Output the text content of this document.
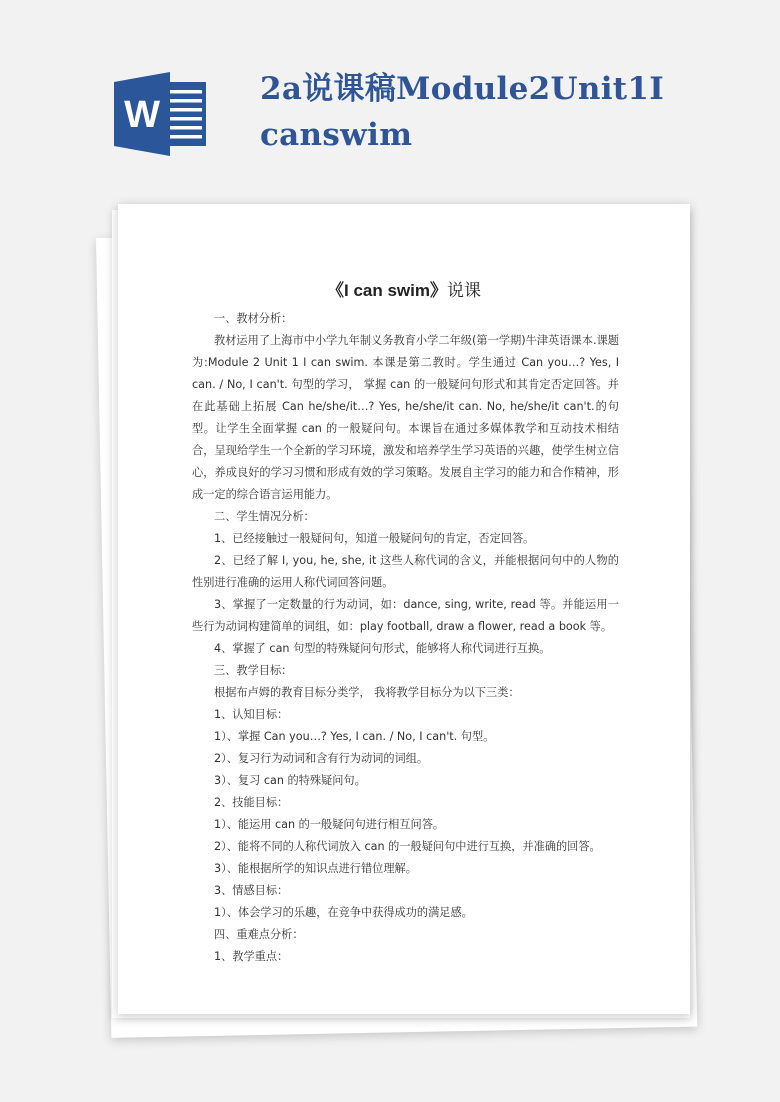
W
2a说课稿Module2Unit1Icanswim
《I can swim》说课

一、教材分析：

教材运用了上海市中小学九年制义务教育小学二年级(第一学期)牛津英语课本.课题为:Module 2 Unit 1 I can swim. 本课是第二教时。学生通过 Can you…? Yes, I can. / No, I can't. 句型的学习， 掌握 can 的一般疑问句形式和其肯定否定回答。并在此基础上拓展 Can he/she/it…? Yes, he/she/it can. No, he/she/it can't.的句型。让学生全面掌握 can 的一般疑问句。本课旨在通过多媒体教学和互动技术相结合，呈现给学生一个全新的学习环境，激发和培养学生学习英语的兴趣，使学生树立信心，养成良好的学习习惯和形成有效的学习策略。发展自主学习的能力和合作精神，形成一定的综合语言运用能力。

二、学生情况分析：

1、已经接触过一般疑问句，知道一般疑问句的肯定，否定回答。

2、已经了解 I, you, he, she, it 这些人称代词的含义，并能根据问句中的人物的性别进行准确的运用人称代词回答问题。

3、掌握了一定数量的行为动词，如：dance, sing, write, read 等。并能运用一些行为动词构建简单的词组，如：play football, draw a flower, read a book 等。

4、掌握了 can 句型的特殊疑问句形式，能够将人称代词进行互换。

三、教学目标：

根据布卢姆的教育目标分类学， 我将教学目标分为以下三类：

1、认知目标：

1）、掌握 Can you…? Yes, I can. / No, I can't. 句型。

2）、复习行为动词和含有行为动词的词组。

3）、复习 can 的特殊疑问句。

2、技能目标：

1）、能运用 can 的一般疑问句进行相互问答。

2）、能将不同的人称代词放入 can 的一般疑问句中进行互换，并准确的回答。

3）、能根据所学的知识点进行错位理解。

3、情感目标：

1）、体会学习的乐趣，在竞争中获得成功的满足感。

四、重难点分析：

1、教学重点：
